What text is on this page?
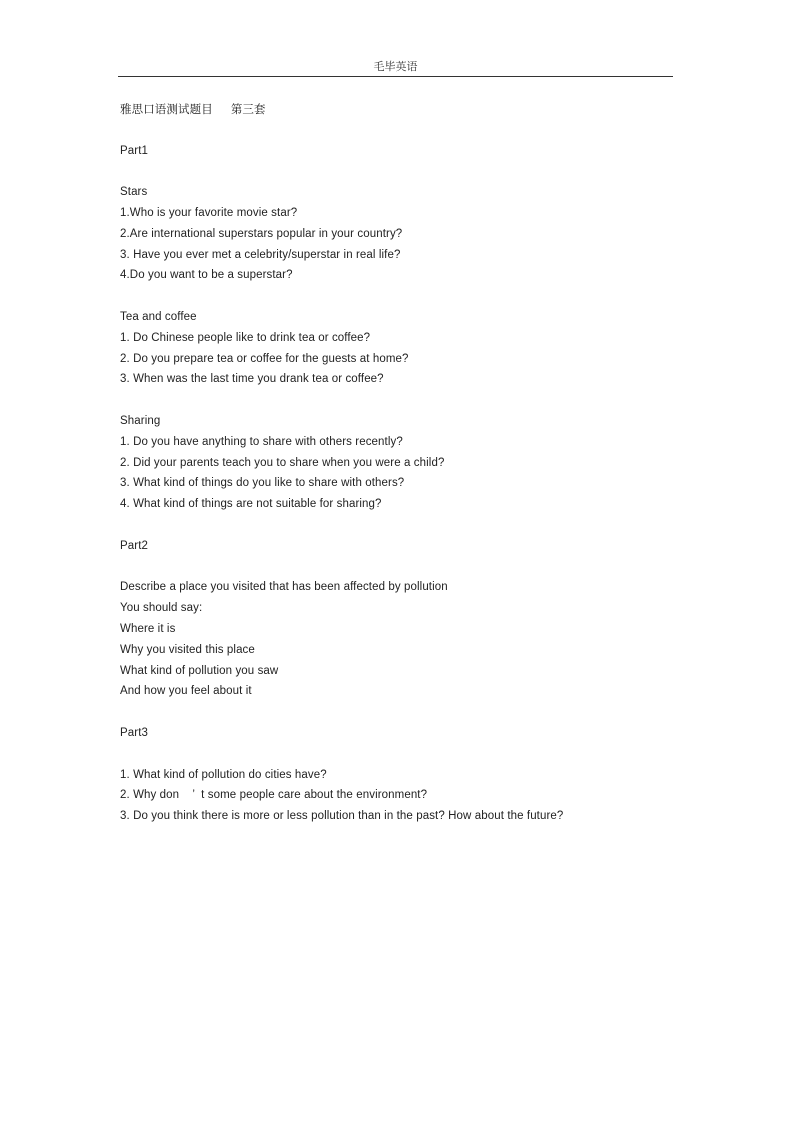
毛毕英语
雅思口语测试题目 第三套
Part1
Stars
1.Who is your favorite movie star?
2.Are international superstars popular in your country?
3. Have you ever met a celebrity/superstar in real life?
4.Do you want to be a superstar?
Tea and coffee
1. Do Chinese people like to drink tea or coffee?
2. Do you prepare tea or coffee for the guests at home?
3. When was the last time you drank tea or coffee?
Sharing
1. Do you have anything to share with others recently?
2. Did your parents teach you to share when you were a child?
3. What kind of things do you like to share with others?
4. What kind of things are not suitable for sharing?
Part2
Describe a place you visited that has been affected by pollution
You should say:
Where it is
Why you visited this place
What kind of pollution you saw
And how you feel about it
Part3
1. What kind of pollution do cities have?
2. Why don    ’  t some people care about the environment?
3. Do you think there is more or less pollution than in the past? How about the future?
